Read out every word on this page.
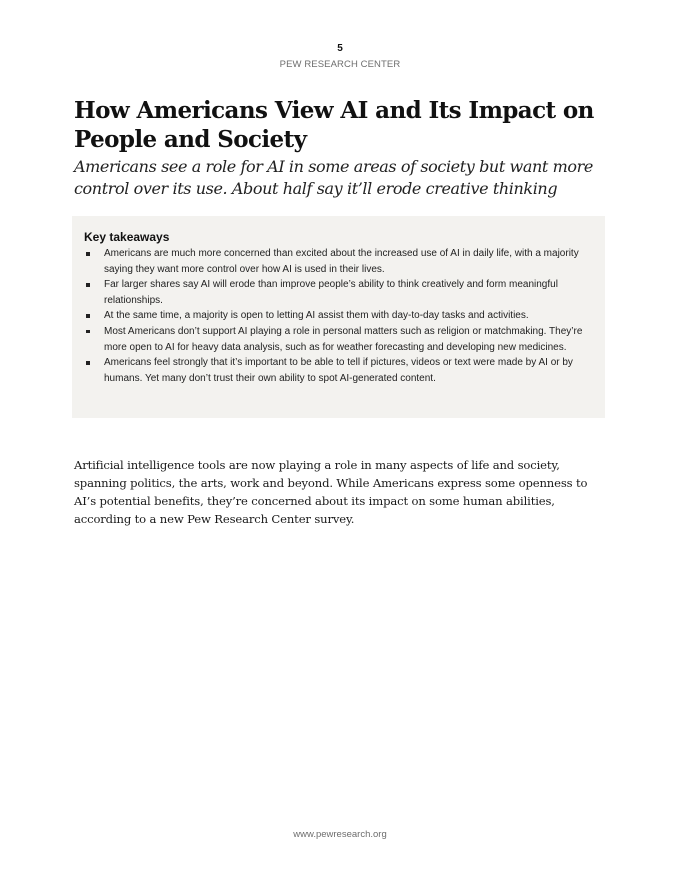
5
PEW RESEARCH CENTER
How Americans View AI and Its Impact on People and Society
Americans see a role for AI in some areas of society but want more control over its use. About half say it’ll erode creative thinking
Key takeaways
Americans are much more concerned than excited about the increased use of AI in daily life, with a majority saying they want more control over how AI is used in their lives.
Far larger shares say AI will erode than improve people’s ability to think creatively and form meaningful relationships.
At the same time, a majority is open to letting AI assist them with day-to-day tasks and activities.
Most Americans don’t support AI playing a role in personal matters such as religion or matchmaking. They’re more open to AI for heavy data analysis, such as for weather forecasting and developing new medicines.
Americans feel strongly that it’s important to be able to tell if pictures, videos or text were made by AI or by humans. Yet many don’t trust their own ability to spot AI-generated content.

Artificial intelligence tools are now playing a role in many aspects of life and society, spanning politics, the arts, work and beyond. While Americans express some openness to AI’s potential benefits, they’re concerned about its impact on some human abilities, according to a new Pew Research Center survey.

www.pewresearch.org
